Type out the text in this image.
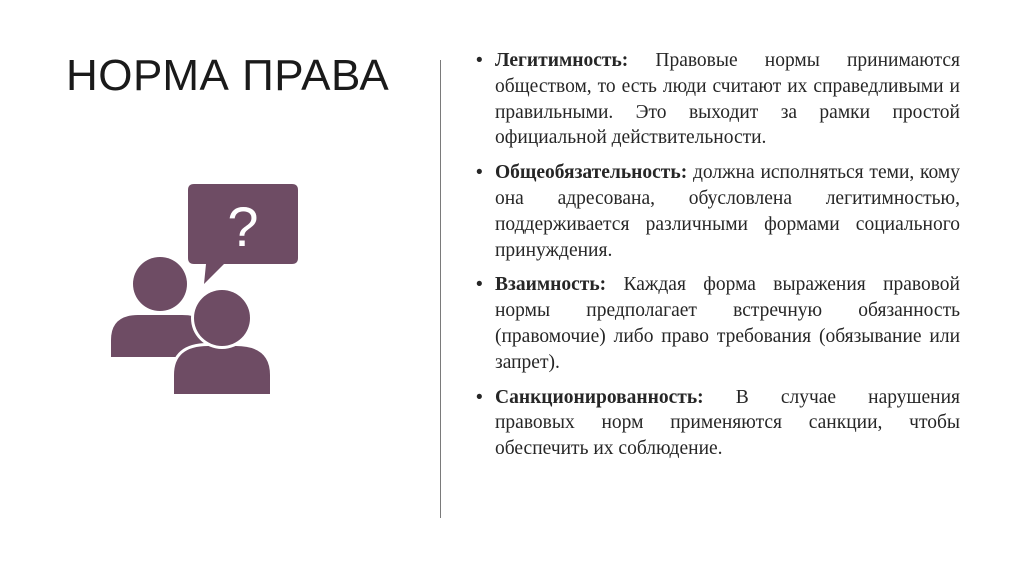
НОРМА ПРАВА
?
• Легитимность: Правовые нормы принимаются обществом, то есть люди считают их справедливыми и правильными. Это выходит за рамки простой официальной действительности.
• Общеобязательность: должна исполняться теми, кому она адресована, обусловлена легитимностью, поддерживается различными формами социального принуждения.
• Взаимность: Каждая форма выражения правовой нормы предполагает встречную обязанность (правомочие) либо право требования (обязывание или запрет).
• Санкционированность: В случае нарушения правовых норм применяются санкции, чтобы обеспечить их соблюдение.
